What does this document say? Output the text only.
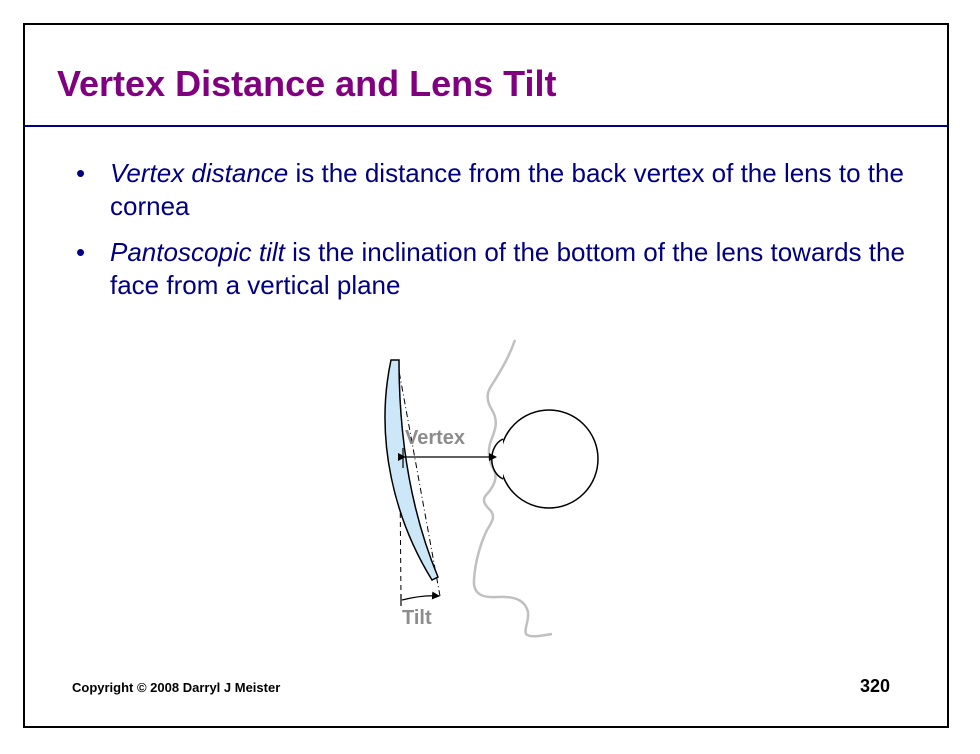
Vertex Distance and Lens Tilt
• Vertex distance is the distance from the back vertex of the lens to the cornea
• Pantoscopic tilt is the inclination of the bottom of the lens towards the face from a vertical plane
Vertex
Tilt
Copyright © 2008 Darryl J Meister	320
